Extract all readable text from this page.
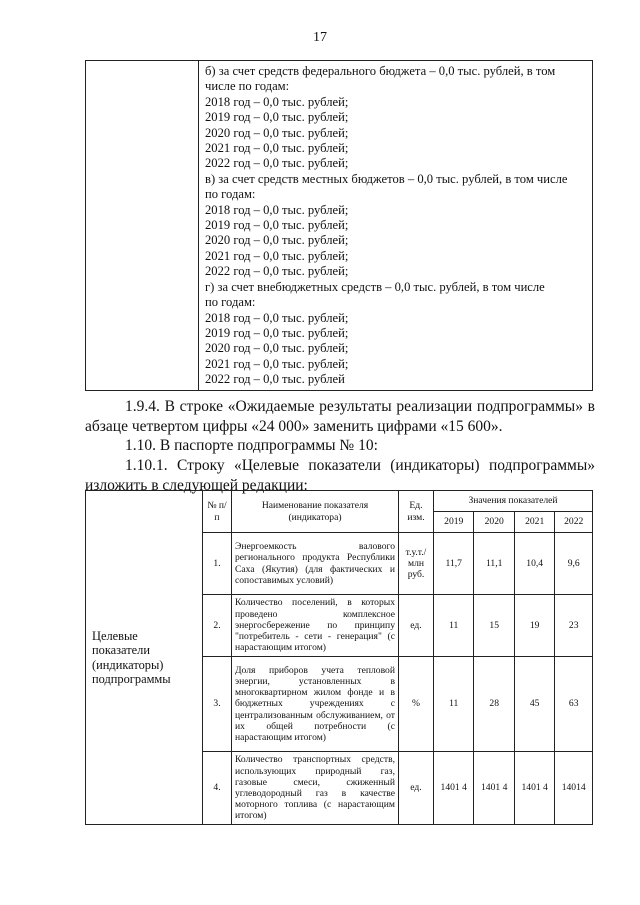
17

б) за счет средств федерального бюджета – 0,0 тыс. рублей, в том
числе по годам:
2018 год – 0,0 тыс. рублей;
2019 год – 0,0 тыс. рублей;
2020 год – 0,0 тыс. рублей;
2021 год – 0,0 тыс. рублей;
2022 год – 0,0 тыс. рублей;
в) за счет средств местных бюджетов – 0,0 тыс. рублей, в том числе
по годам:
2018 год – 0,0 тыс. рублей;
2019 год – 0,0 тыс. рублей;
2020 год – 0,0 тыс. рублей;
2021 год – 0,0 тыс. рублей;
2022 год – 0,0 тыс. рублей;
г) за счет внебюджетных средств – 0,0 тыс. рублей, в том числе
по годам:
2018 год – 0,0 тыс. рублей;
2019 год – 0,0 тыс. рублей;
2020 год – 0,0 тыс. рублей;
2021 год – 0,0 тыс. рублей;
2022 год – 0,0 тыс. рублей
1.9.4. В строке «Ожидаемые результаты реализации подпрограммы» в абзаце четвертом цифры «24 000» заменить цифрами «15 600».
1.10. В паспорте подпрограммы № 10:
1.10.1. Строку «Целевые показатели (индикаторы) подпрограммы» изложить в следующей редакции:
Целевые показатели (индикаторы) подпрограммы	№ п/п	Наименование показателя (индикатора)	Ед. изм.	Значения показателей			
				2019	2020	2021	2022
	1.	Энергоемкость валового регионального продукта Республики Саха (Якутия) (для фактических и сопоставимых условий)	т.у.т./ млн руб.	11,7	11,1	10,4	9,6
	2.	Количество поселений, в которых проведено комплексное энергосбережение по принципу "потребитель - сети - генерация" (с нарастающим итогом)	ед.	11	15	19	23
	3.	Доля приборов учета тепловой энергии, установленных в многоквартирном жилом фонде и в бюджетных учреждениях с централизованным обслуживанием, от их общей потребности (с нарастающим итогом)	%	11	28	45	63
	4.	Количество транспортных средств, использующих природный газ, газовые смеси, сжиженный углеводородный газ в качестве моторного топлива (с нарастающим итогом)	ед.	1401 4	1401 4	1401 4	14014
